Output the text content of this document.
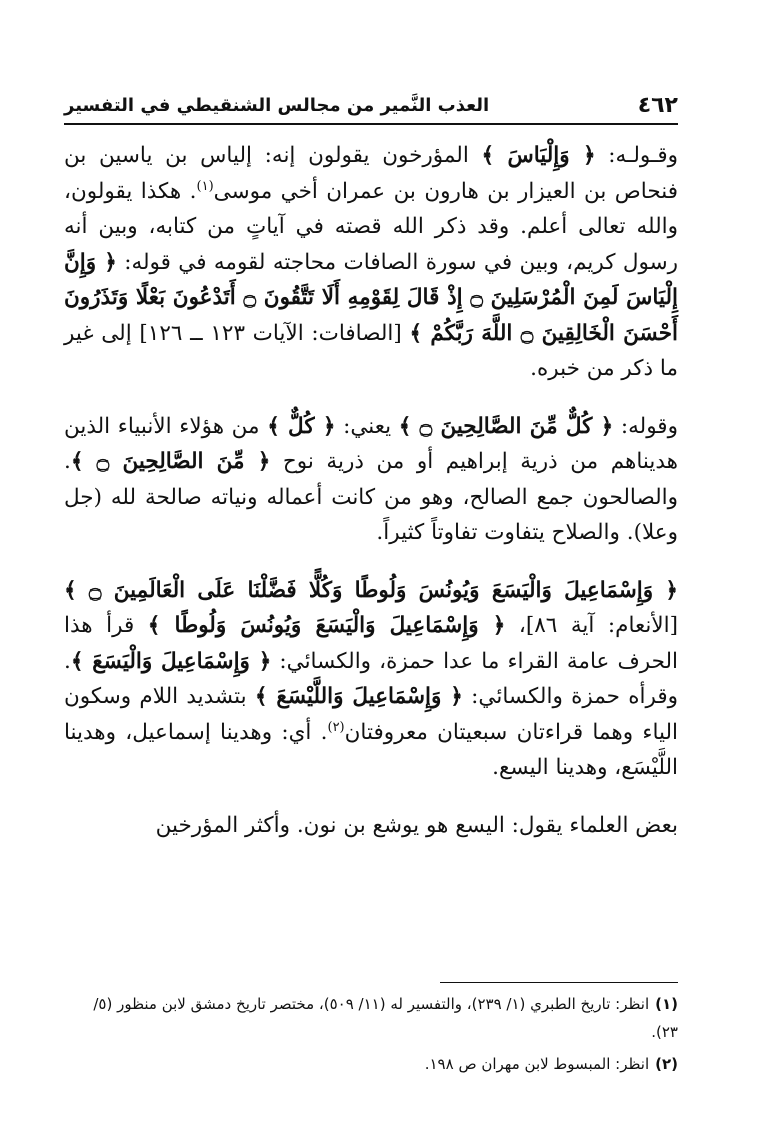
٤٦٢
العذب النَّمير من مجالس الشنقيطي في التفسير

وقـولـه: ﴿ وَإِلْيَاسَ ﴾ المؤرخون يقولون إنه: إلياس بن ياسين بن فنحاص بن العيزار بن هارون بن عمران أخي موسى$^{(١)}$. هكذا يقولون، والله تعالى أعلم. وقد ذكر الله قصته في آياتٍ من كتابه، وبين أنه رسول كريم، وبين في سورة الصافات محاجته لقومه في قوله: ﴿ وَإِنَّ إِلْيَاسَ لَمِنَ الْمُرْسَلِينَ ۝ إِذْ قَالَ لِقَوْمِهِ أَلَا تَتَّقُونَ ۝ أَتَدْعُونَ بَعْلًا وَتَذَرُونَ أَحْسَنَ الْخَالِقِينَ ۝ اللَّهَ رَبَّكُمْ ﴾ [الصافات: الآيات ١٢٣ ــ ١٢٦] إلى غير ما ذكر من خبره.

وقوله: ﴿ كُلٌّ مِّنَ الصَّالِحِينَ ۝ ﴾ يعني: ﴿ كُلٌّ ﴾ من هؤلاء الأنبياء الذين هديناهم من ذرية إبراهيم أو من ذرية نوح ﴿ مِّنَ الصَّالِحِينَ ۝ ﴾. والصالحون جمع الصالح، وهو من كانت أعماله ونياته صالحة لله (جل وعلا). والصلاح يتفاوت تفاوتاً كثيراً.

﴿ وَإِسْمَاعِيلَ وَالْيَسَعَ وَيُونُسَ وَلُوطًا وَكُلًّا فَضَّلْنَا عَلَى الْعَالَمِينَ ۝ ﴾ [الأنعام: آية ٨٦]، ﴿ وَإِسْمَاعِيلَ وَالْيَسَعَ وَيُونُسَ وَلُوطًا ﴾ قرأ هذا الحرف عامة القراء ما عدا حمزة، والكسائي: ﴿ وَإِسْمَاعِيلَ وَالْيَسَعَ ﴾. وقرأه حمزة والكسائي: ﴿ وَإِسْمَاعِيلَ وَاللَّيْسَعَ ﴾ بتشديد اللام وسكون الياء وهما قراءتان سبعيتان معروفتان$^{(٢)}$. أي: وهدينا إسماعيل، وهدينا اللَّيْسَع، وهدينا اليسع.

بعض العلماء يقول: اليسع هو يوشع بن نون. وأكثر المؤرخين

(١)انظر: تاريخ الطبري (١/ ٢٣٩)، والتفسير له (١١/ ٥٠٩)، مختصر تاريخ دمشق لابن منظور (٥/ ٢٣).

(٢)انظر: المبسوط لابن مهران ص ١٩٨.
